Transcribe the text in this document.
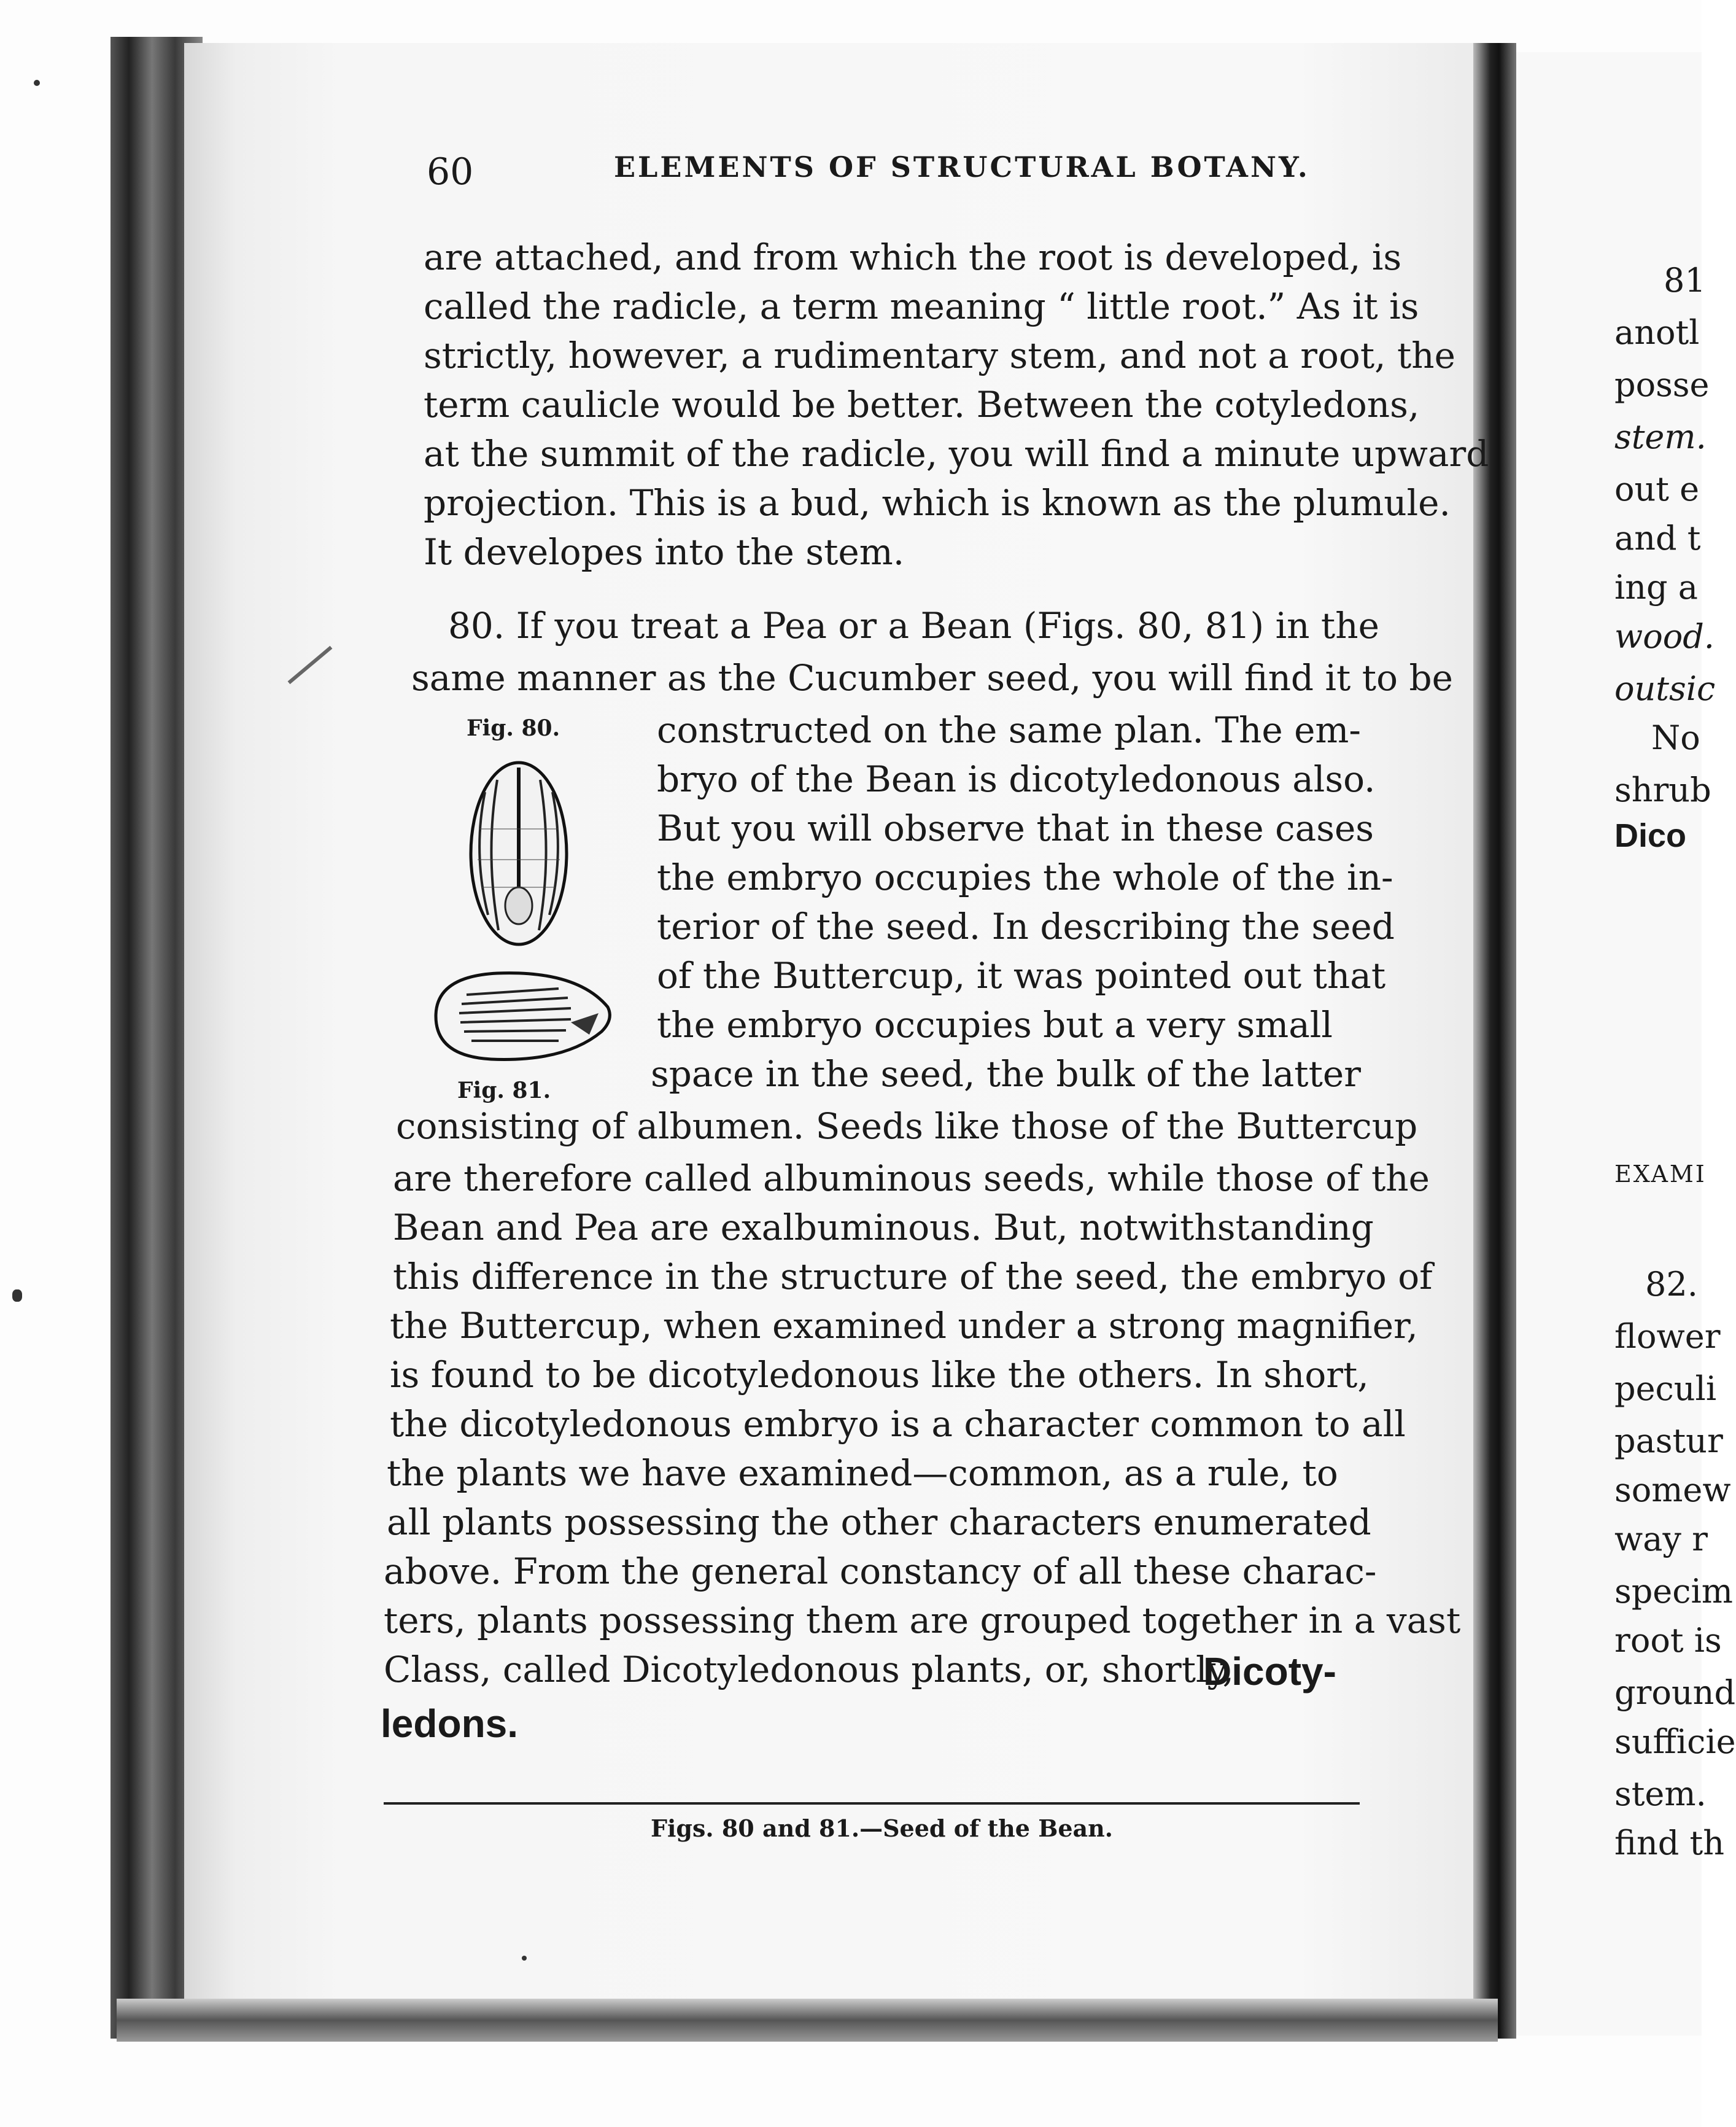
60	ELEMENTS OF STRUCTURAL BOTANY.
are attached, and from which the root is developed, is
called the radicle, a term meaning “ little root.” As it is
strictly, however, a rudimentary stem, and not a root, the
term caulicle would be better. Between the cotyledons,
at the summit of the radicle, you will find a minute upward
projection. This is a bud, which is known as the plumule.
It developes into the stem.
80. If you treat a Pea or a Bean (Figs. 80, 81) in the
same manner as the Cucumber seed, you will find it to be
constructed on the same plan. The em-
bryo of the Bean is dicotyledonous also.
But you will observe that in these cases
the embryo occupies the whole of the in-
terior of the seed. In describing the seed
of the Buttercup, it was pointed out that
the embryo occupies but a very small
space in the seed, the bulk of the latter
consisting of albumen. Seeds like those of the Buttercup
are therefore called albuminous seeds, while those of the
Bean and Pea are exalbuminous. But, notwithstanding
this difference in the structure of the seed, the embryo of
the Buttercup, when examined under a strong magnifier,
is found to be dicotyledonous like the others. In short,
the dicotyledonous embryo is a character common to all
the plants we have examined—common, as a rule, to
all plants possessing the other characters enumerated
above. From the general constancy of all these charac-
ters, plants possessing them are grouped together in a vast
Class, called Dicotyledonous plants, or, shortly,
Dicoty-
ledons.
Fig. 80.
Fig. 81.
Figs. 80 and 81.—Seed of the Bean.
81
anotl
posse
stem.
out e
and t
ing a
wood.
outsic
No
shrub
Dico
EXAMI
82.
flower
peculi
pastur
somew
way r
specim
root is
ground
sufficie
stem.
find th
